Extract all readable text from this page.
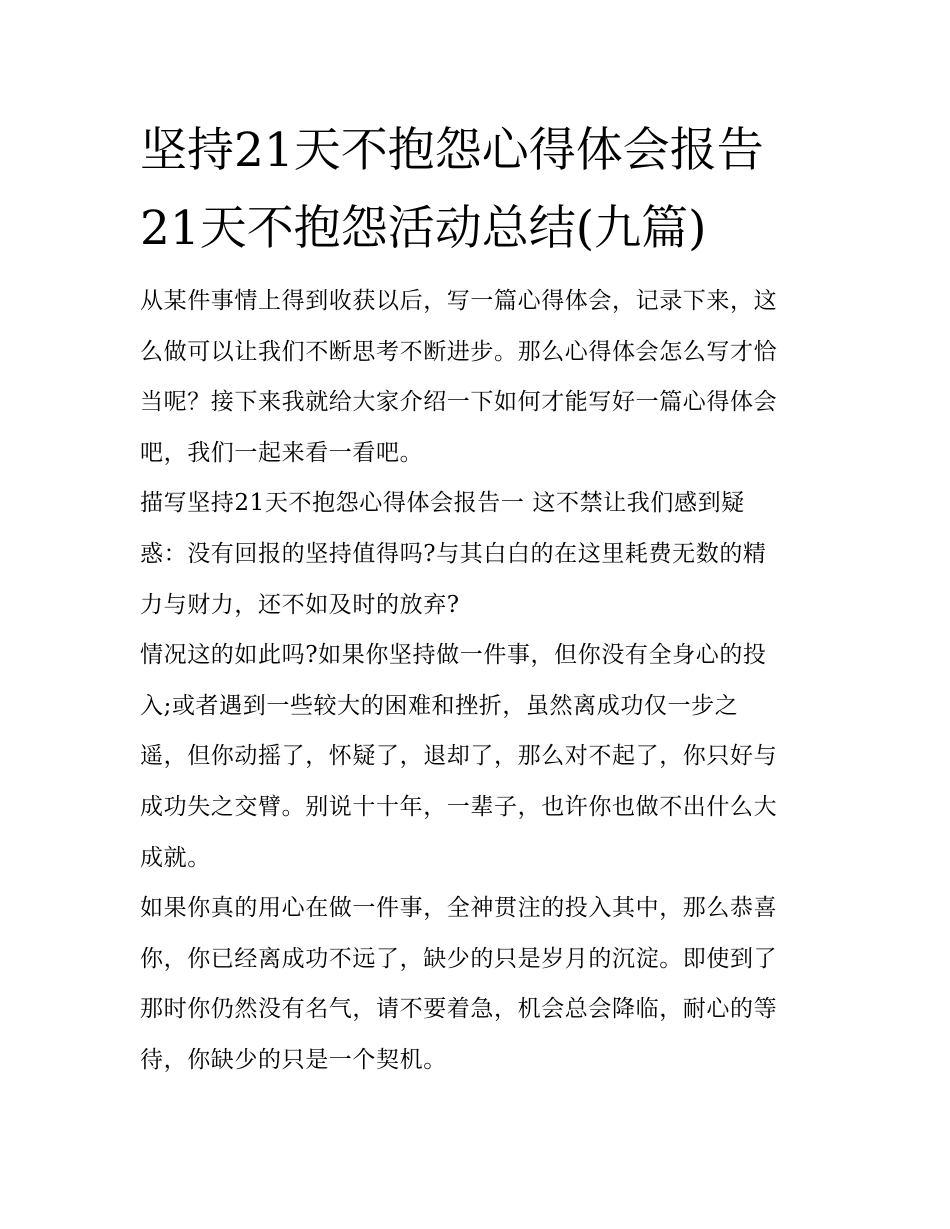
坚持21天不抱怨心得体会报告
21天不抱怨活动总结(九篇)

从某件事情上得到收获以后，写一篇心得体会，记录下来，这
么做可以让我们不断思考不断进步。那么心得体会怎么写才恰
当呢？接下来我就给大家介绍一下如何才能写好一篇心得体会
吧，我们一起来看一看吧。

描写坚持21天不抱怨心得体会报告一 这不禁让我们感到疑
惑：没有回报的坚持值得吗?与其白白的在这里耗费无数的精
力与财力，还不如及时的放弃?

情况这的如此吗?如果你坚持做一件事，但你没有全身心的投
入;或者遇到一些较大的困难和挫折，虽然离成功仅一步之
遥，但你动摇了，怀疑了，退却了，那么对不起了，你只好与
成功失之交臂。别说十十年，一辈子，也许你也做不出什么大
成就。

如果你真的用心在做一件事，全神贯注的投入其中，那么恭喜
你，你已经离成功不远了，缺少的只是岁月的沉淀。即使到了
那时你仍然没有名气，请不要着急，机会总会降临，耐心的等
待，你缺少的只是一个契机。
